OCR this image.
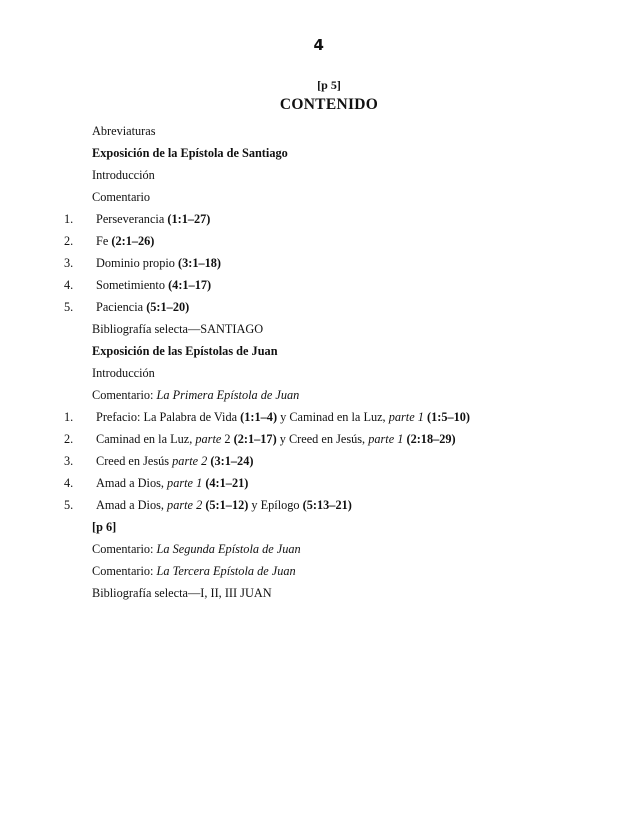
4
[p 5]
CONTENIDO
Abreviaturas
Exposición de la Epístola de Santiago
Introducción
Comentario
1. Perseverancia (1:1–27)
2. Fe (2:1–26)
3. Dominio propio (3:1–18)
4. Sometimiento (4:1–17)
5. Paciencia (5:1–20)
Bibliografía selecta—SANTIAGO
Exposición de las Epístolas de Juan
Introducción
Comentario: La Primera Epístola de Juan
1. Prefacio: La Palabra de Vida (1:1–4) y Caminad en la Luz, parte 1 (1:5–10)
2. Caminad en la Luz, parte 2 (2:1–17) y Creed en Jesús, parte 1 (2:18–29)
3. Creed en Jesús parte 2 (3:1–24)
4. Amad a Dios, parte 1 (4:1–21)
5. Amad a Dios, parte 2 (5:1–12) y Epílogo (5:13–21)
[p 6]
Comentario: La Segunda Epístola de Juan
Comentario: La Tercera Epístola de Juan
Bibliografía selecta—I, II, III JUAN
